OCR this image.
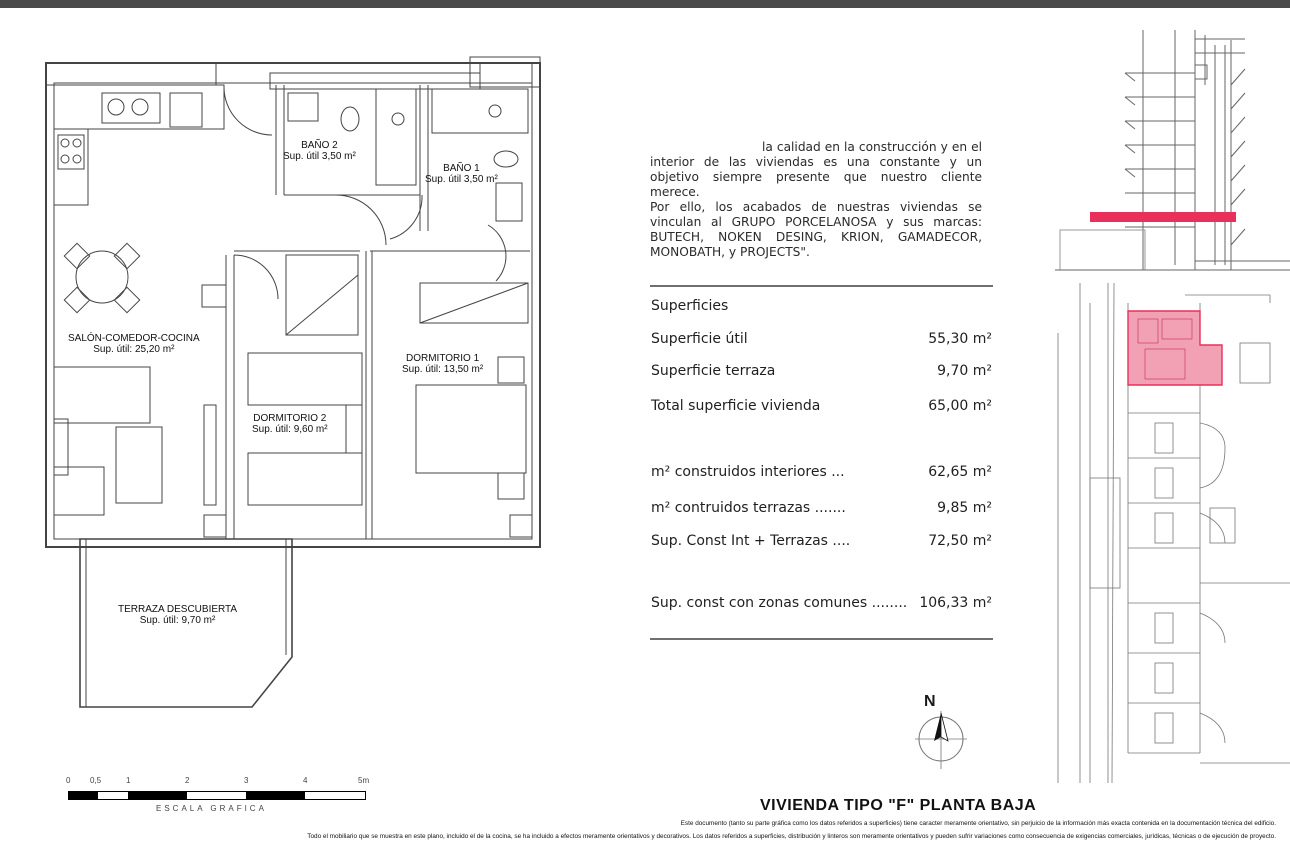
BAÑO 2
Sup. útil 3,50 m²
BAÑO 1
Sup. útil 3,50 m²
SALÓN-COMEDOR-COCINA
Sup. útil: 25,20 m²
DORMITORIO 1
Sup. útil: 13,50 m²
DORMITORIO 2
Sup. útil: 9,60 m²
TERRAZA DESCUBIERTA
Sup. útil: 9,70 m²

la calidad en la construcción y en el interior de las viviendas es una constante y un objetivo siempre presente que nuestro cliente merece.

Por ello, los acabados de nuestras viviendas se vinculan al GRUPO PORCELANOSA y sus marcas: BUTECH, NOKEN DESING, KRION, GAMADECOR, MONOBATH, y PROJECTS".

Superficies
Superficie útil	55,30 m²
Superficie terraza	9,70 m²
Total superficie vivienda	65,00 m²
m² construidos interiores ...	62,65 m²
m² contruidos terrazas .......	9,85 m²
Sup. Const Int + Terrazas ....	72,50 m²
Sup. const con zonas comunes ........ 106,33 m²
N
0 0,5	1	2	3	4	5m
ESCALA GRAFICA	VIVIENDA TIPO "F" PLANTA BAJA
Este documento (tanto su parte gráfica como los datos referidos a superficies) tiene caracter meramente orientativo, sin perjuicio de la información más exacta contenida en la documentación técnica del edificio.
Todo el mobiliario que se muestra en este plano, incluido el de la cocina, se ha incluido a efectos meramente orientativos y decorativos. Los datos referidos a superficies, distribución y linteros son meramente orientativos y pueden sufrir variaciones como consecuencia de exigencias comerciales, jurídicas, técnicas o de ejecución de proyecto.
